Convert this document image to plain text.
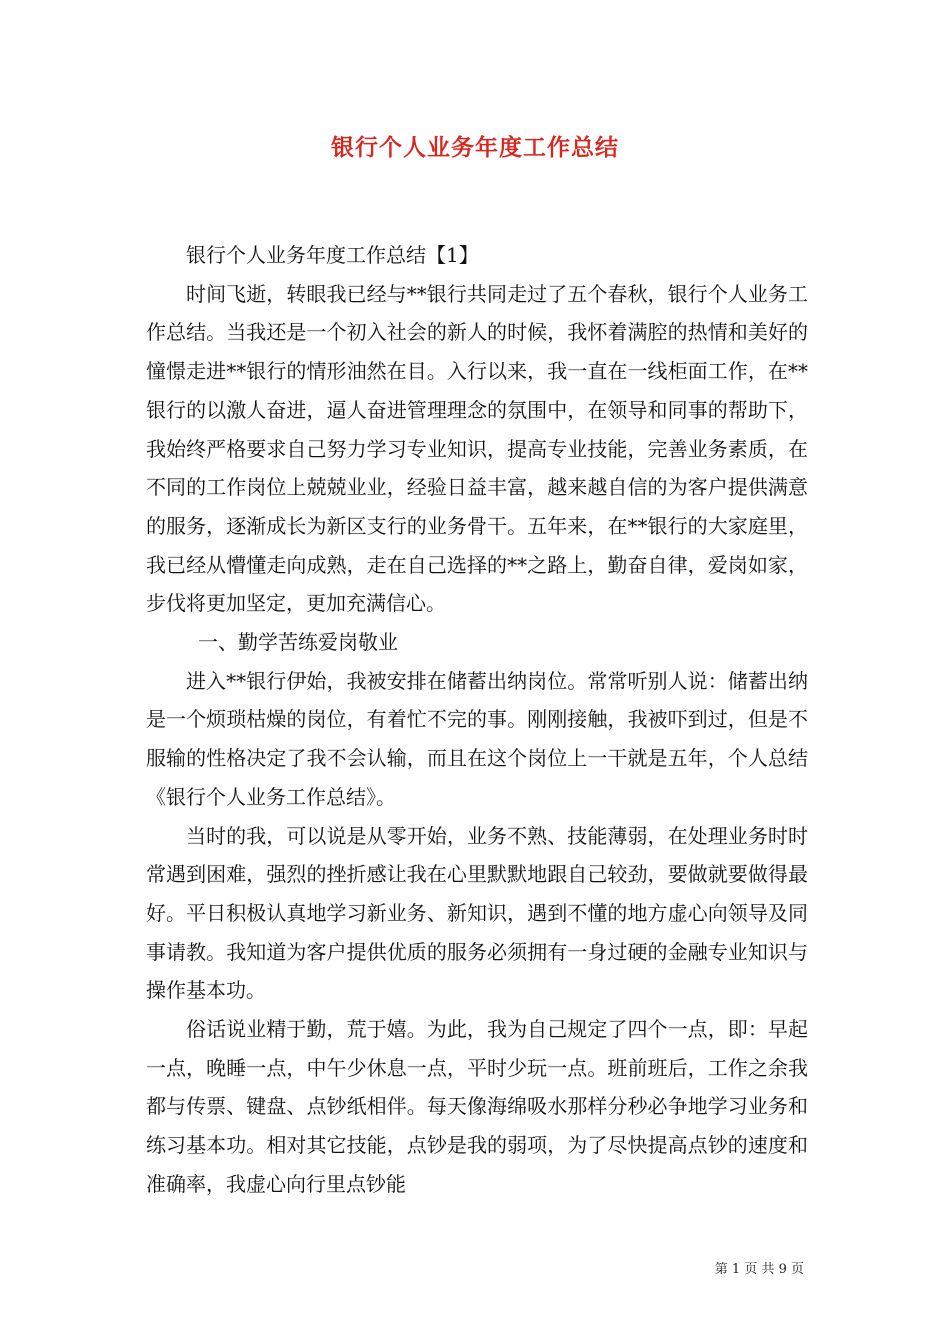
银行个人业务年度工作总结

银行个人业务年度工作总结【1】

时间飞逝，转眼我已经与**银行共同走过了五个春秋，银行个人业务工作总结。当我还是一个初入社会的新人的时候，我怀着满腔的热情和美好的憧憬走进**银行的情形油然在目。入行以来，我一直在一线柜面工作，在**银行的以激人奋进，逼人奋进管理理念的氛围中，在领导和同事的帮助下，我始终严格要求自己努力学习专业知识，提高专业技能，完善业务素质，在不同的工作岗位上兢兢业业，经验日益丰富，越来越自信的为客户提供满意的服务，逐渐成长为新区支行的业务骨干。五年来，在**银行的大家庭里，我已经从懵懂走向成熟，走在自己选择的**之路上，勤奋自律，爱岗如家，步伐将更加坚定，更加充满信心。

一、勤学苦练爱岗敬业

进入**银行伊始，我被安排在储蓄出纳岗位。常常听别人说：储蓄出纳是一个烦琐枯燥的岗位，有着忙不完的事。刚刚接触，我被吓到过，但是不服输的性格决定了我不会认输，而且在这个岗位上一干就是五年，个人总结《银行个人业务工作总结》。

当时的我，可以说是从零开始，业务不熟、技能薄弱，在处理业务时时常遇到困难，强烈的挫折感让我在心里默默地跟自己较劲，要做就要做得最好。平日积极认真地学习新业务、新知识，遇到不懂的地方虚心向领导及同事请教。我知道为客户提供优质的服务必须拥有一身过硬的金融专业知识与操作基本功。

俗话说业精于勤，荒于嬉。为此，我为自己规定了四个一点，即：早起一点，晚睡一点，中午少休息一点，平时少玩一点。班前班后，工作之余我都与传票、键盘、点钞纸相伴。每天像海绵吸水那样分秒必争地学习业务和练习基本功。相对其它技能，点钞是我的弱项，为了尽快提高点钞的速度和准确率，我虚心向行里点钞能

第 1 页 共 9 页
